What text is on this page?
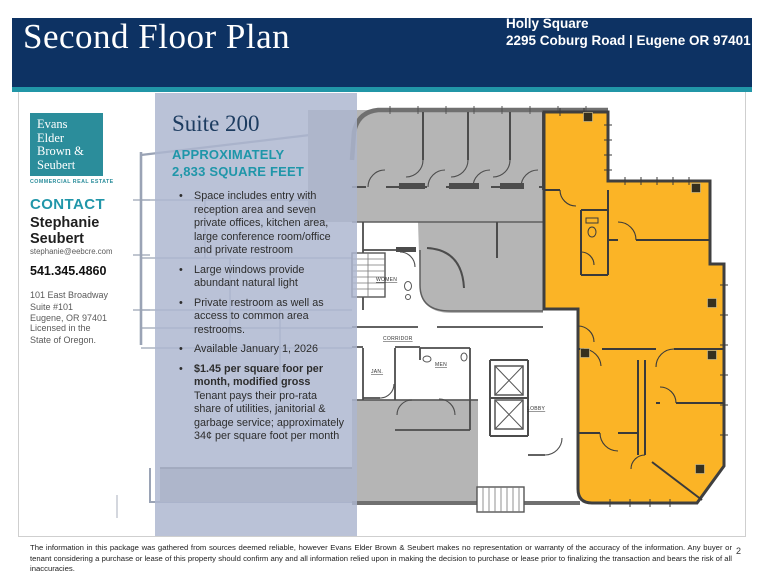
WOMEN
CORRIDOR
JAN.
MEN
LOBBY
Second Floor Plan	Holly Square
2295 Coburg Road | Eugene OR 97401
Evans
Elder
Brown &
Seubert
COMMERCIAL REAL ESTATE
CONTACT
Stephanie Seubert
stephanie@eebcre.com
541.345.4860
101 East Broadway
Suite #101
Eugene, OR 97401
Licensed in the State of Oregon.
Suite 200
APPROXIMATELY
2,833 SQUARE FEET
• Space includes entry with reception area and seven private offices, kitchen area, large conference room/office and private restroom
• Large windows provide abundant natural light
• Private restroom as well as access to common area restrooms.
• Available January 1, 2026
• $1.45 per square foor per month, modified gross
Tenant pays their pro-rata share of utilities, janitorial & garbage service; approximately 34¢ per square foot per month
The information in this package was gathered from sources deemed reliable, however Evans Elder Brown & Seubert makes no representation or warranty of the accuracy of the information. Any buyer or tenant considering a purchase or lease of this property should confirm any and all information relied upon in making the decision to purchase or lease prior to finalizing the transaction and bears the risk of all inaccuracies.
2
